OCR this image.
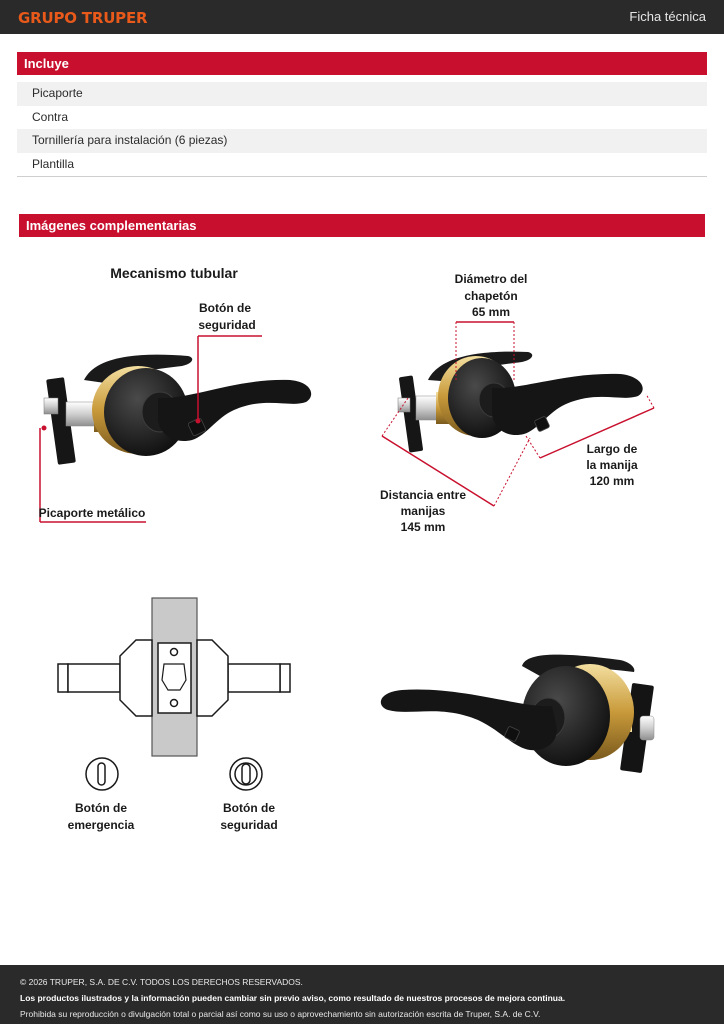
GRUPO TRUPER	Ficha técnica
Incluye
Picaporte
Contra
Tornillería para instalación (6 piezas)
Plantilla
Imágenes complementarias
Mecanismo tubular
Botón de
seguridad
Picaporte metálico
Diámetro del
chapetón
65 mm
Largo de
la manija
120 mm
Distancia entre
manijas
145 mm
Botón de
emergencia
Botón de
seguridad
© 2026 TRUPER, S.A. DE C.V. TODOS LOS DERECHOS RESERVADOS.
Los productos ilustrados y la información pueden cambiar sin previo aviso, como resultado de nuestros procesos de mejora continua.
Prohibida su reproducción o divulgación total o parcial así como su uso o aprovechamiento sin autorización escrita de Truper, S.A. de C.V.
